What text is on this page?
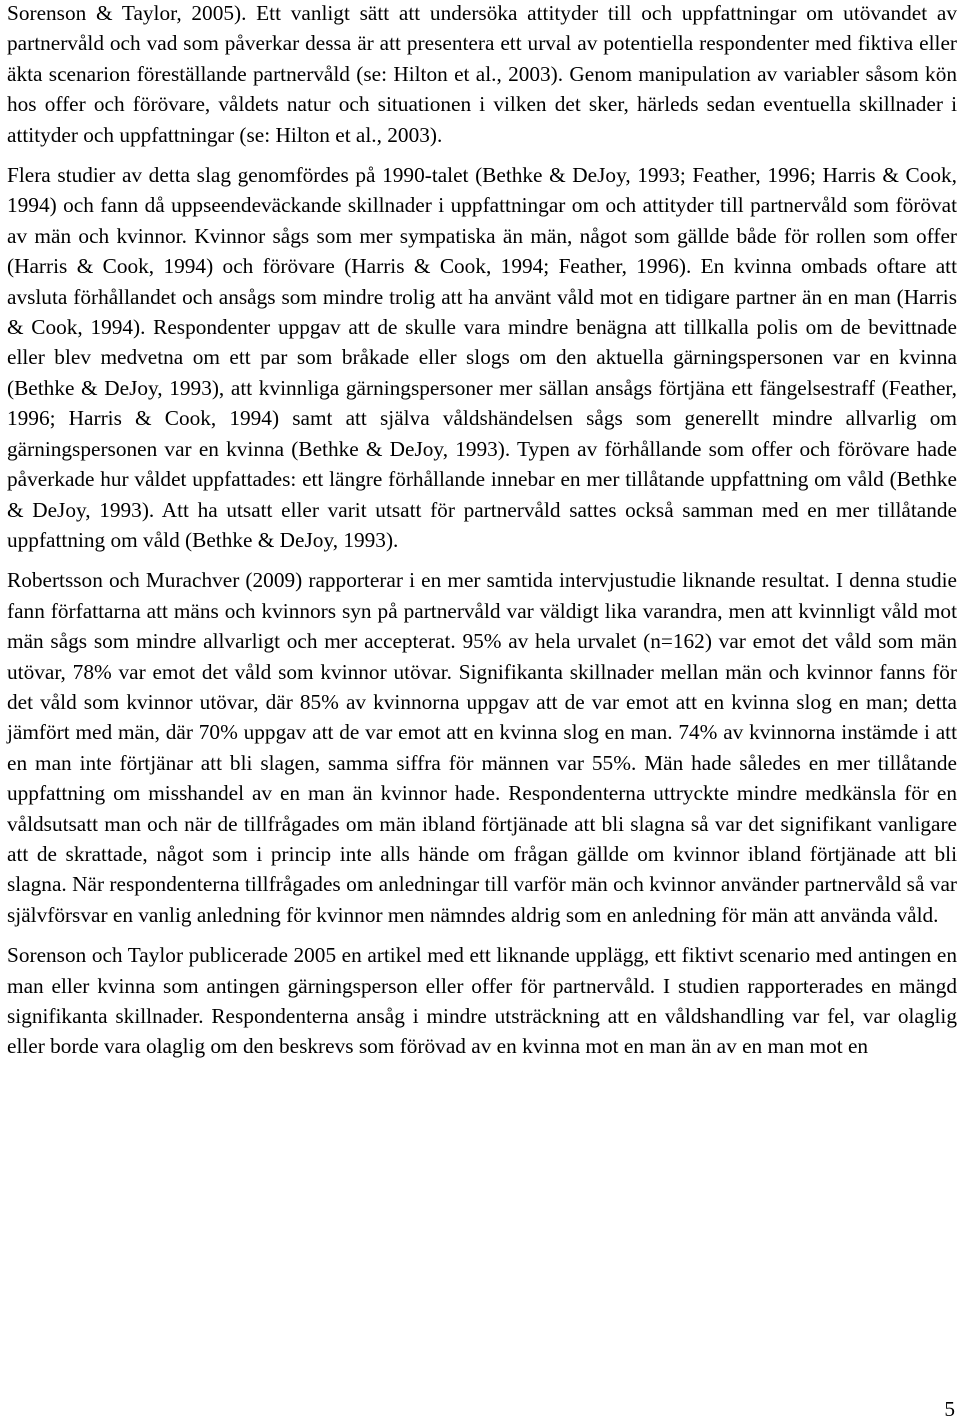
Sorenson & Taylor, 2005). Ett vanligt sätt att undersöka attityder till och uppfattningar om utövandet av partnervåld och vad som påverkar dessa är att presentera ett urval av potentiella respondenter med fiktiva eller äkta scenarion föreställande partnervåld (se: Hilton et al., 2003). Genom manipulation av variabler såsom kön hos offer och förövare, våldets natur och situationen i vilken det sker, härleds sedan eventuella skillnader i attityder och uppfattningar (se: Hilton et al., 2003).

Flera studier av detta slag genomfördes på 1990-talet (Bethke & DeJoy, 1993; Feather, 1996; Harris & Cook, 1994) och fann då uppseendeväckande skillnader i uppfattningar om och attityder till partnervåld som förövat av män och kvinnor. Kvinnor sågs som mer sympatiska än män, något som gällde både för rollen som offer (Harris & Cook, 1994) och förövare (Harris & Cook, 1994; Feather, 1996). En kvinna ombads oftare att avsluta förhållandet och ansågs som mindre trolig att ha använt våld mot en tidigare partner än en man (Harris & Cook, 1994). Respondenter uppgav att de skulle vara mindre benägna att tillkalla polis om de bevittnade eller blev medvetna om ett par som bråkade eller slogs om den aktuella gärningspersonen var en kvinna (Bethke & DeJoy, 1993), att kvinnliga gärningspersoner mer sällan ansågs förtjäna ett fängelsestraff (Feather, 1996; Harris & Cook, 1994) samt att själva våldshändelsen sågs som generellt mindre allvarlig om gärningspersonen var en kvinna (Bethke & DeJoy, 1993). Typen av förhållande som offer och förövare hade påverkade hur våldet uppfattades: ett längre förhållande innebar en mer tillåtande uppfattning om våld (Bethke & DeJoy, 1993). Att ha utsatt eller varit utsatt för partnervåld sattes också samman med en mer tillåtande uppfattning om våld (Bethke & DeJoy, 1993).

Robertsson och Murachver (2009) rapporterar i en mer samtida intervjustudie liknande resultat. I denna studie fann författarna att mäns och kvinnors syn på partnervåld var väldigt lika varandra, men att kvinnligt våld mot män sågs som mindre allvarligt och mer accepterat. 95% av hela urvalet (n=162) var emot det våld som män utövar, 78% var emot det våld som kvinnor utövar. Signifikanta skillnader mellan män och kvinnor fanns för det våld som kvinnor utövar, där 85% av kvinnorna uppgav att de var emot att en kvinna slog en man; detta jämfört med män, där 70% uppgav att de var emot att en kvinna slog en man. 74% av kvinnorna instämde i att en man inte förtjänar att bli slagen, samma siffra för männen var 55%. Män hade således en mer tillåtande uppfattning om misshandel av en man än kvinnor hade. Respondenterna uttryckte mindre medkänsla för en våldsutsatt man och när de tillfrågades om män ibland förtjänade att bli slagna så var det signifikant vanligare att de skrattade, något som i princip inte alls hände om frågan gällde om kvinnor ibland förtjänade att bli slagna. När respondenterna tillfrågades om anledningar till varför män och kvinnor använder partnervåld så var självförsvar en vanlig anledning för kvinnor men nämndes aldrig som en anledning för män att använda våld.

Sorenson och Taylor publicerade 2005 en artikel med ett liknande upplägg, ett fiktivt scenario med antingen en man eller kvinna som antingen gärningsperson eller offer för partnervåld. I studien rapporterades en mängd signifikanta skillnader. Respondenterna ansåg i mindre utsträckning att en våldshandling var fel, var olaglig eller borde vara olaglig om den beskrevs som förövad av en kvinna mot en man än av en man mot en

5
